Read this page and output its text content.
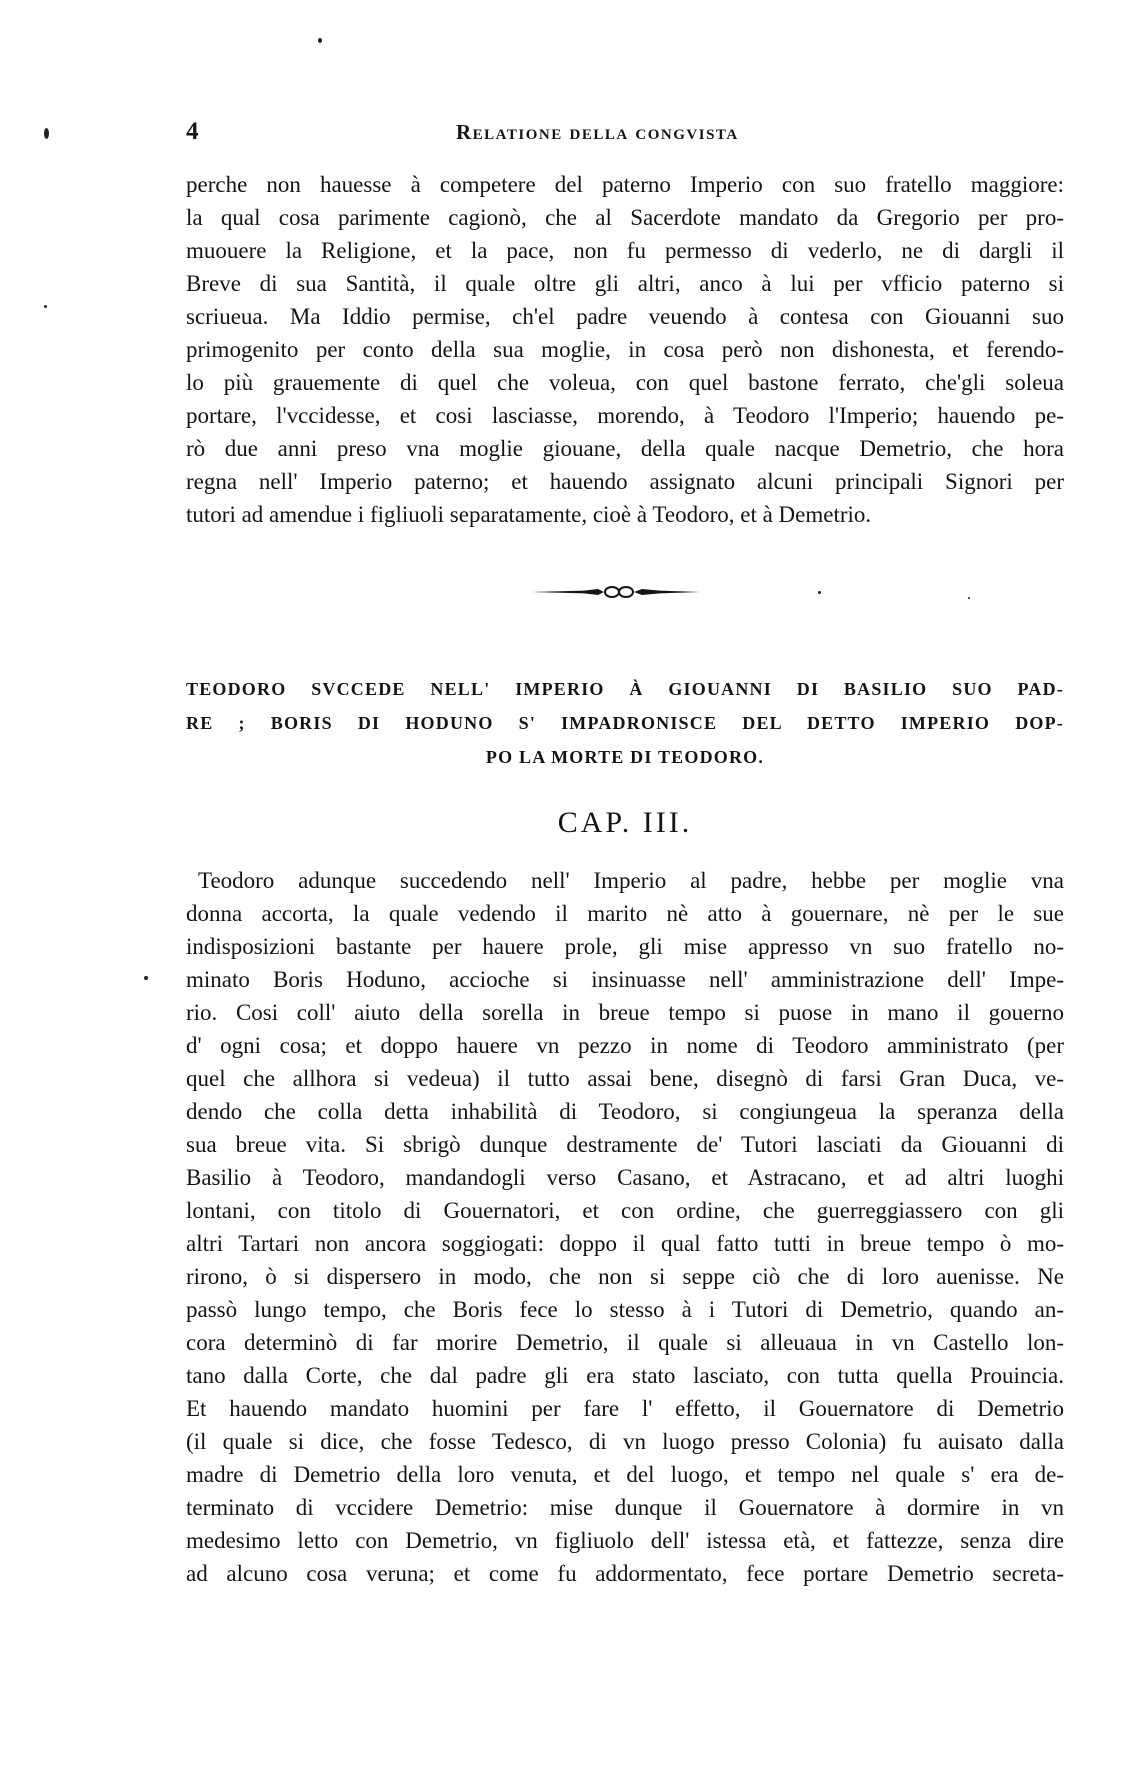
4	Relatione della congvista
perche non hauesse à competere del paterno Imperio con suo fratello maggiore:
la qual cosa parimente cagionò, che al Sacerdote mandato da Gregorio per pro-
muouere la Religione, et la pace, non fu permesso di vederlo, ne di dargli il
Breve di sua Santità, il quale oltre gli altri, anco à lui per vfficio paterno si
scriueua. Ma Iddio permise, ch'el padre veuendo à contesa con Giouanni suo
primogenito per conto della sua moglie, in cosa però non dishonesta, et ferendo-
lo più grauemente di quel che voleua, con quel bastone ferrato, che'gli soleua
portare, l'vccidesse, et cosi lasciasse, morendo, à Teodoro l'Imperio; hauendo pe-
rò due anni preso vna moglie giouane, della quale nacque Demetrio, che hora
regna nell' Imperio paterno; et hauendo assignato alcuni principali Signori per
tutori ad amendue i figliuoli separatamente, cioè à Teodoro, et à Demetrio.
TEODORO SVCCEDE NELL' IMPERIO À GIOUANNI DI BASILIO SUO PAD-
RE ; BORIS DI HODUNO S' IMPADRONISCE DEL DETTO IMPERIO DOP-
PO LA MORTE DI TEODORO.
CAP. III.
Teodoro adunque succedendo nell' Imperio al padre, hebbe per moglie vna
donna accorta, la quale vedendo il marito nè atto à gouernare, nè per le sue
indisposizioni bastante per hauere prole, gli mise appresso vn suo fratello no-
minato Boris Hoduno, accioche si insinuasse nell' amministrazione dell' Impe-
rio. Cosi coll' aiuto della sorella in breue tempo si puose in mano il gouerno
d' ogni cosa; et doppo hauere vn pezzo in nome di Teodoro amministrato (per
quel che allhora si vedeua) il tutto assai bene, disegnò di farsi Gran Duca, ve-
dendo che colla detta inhabilità di Teodoro, si congiungeua la speranza della
sua breue vita. Si sbrigò dunque destramente de' Tutori lasciati da Giouanni di
Basilio à Teodoro, mandandogli verso Casano, et Astracano, et ad altri luoghi
lontani, con titolo di Gouernatori, et con ordine, che guerreggiassero con gli
altri Tartari non ancora soggiogati: doppo il qual fatto tutti in breue tempo ò mo-
rirono, ò si dispersero in modo, che non si seppe ciò che di loro auenisse. Ne
passò lungo tempo, che Boris fece lo stesso à i Tutori di Demetrio, quando an-
cora determinò di far morire Demetrio, il quale si alleuaua in vn Castello lon-
tano dalla Corte, che dal padre gli era stato lasciato, con tutta quella Prouincia.
Et hauendo mandato huomini per fare l' effetto, il Gouernatore di Demetrio
(il quale si dice, che fosse Tedesco, di vn luogo presso Colonia) fu auisato dalla
madre di Demetrio della loro venuta, et del luogo, et tempo nel quale s' era de-
terminato di vccidere Demetrio: mise dunque il Gouernatore à dormire in vn
medesimo letto con Demetrio, vn figliuolo dell' istessa età, et fattezze, senza dire
ad alcuno cosa veruna; et come fu addormentato, fece portare Demetrio secreta-
